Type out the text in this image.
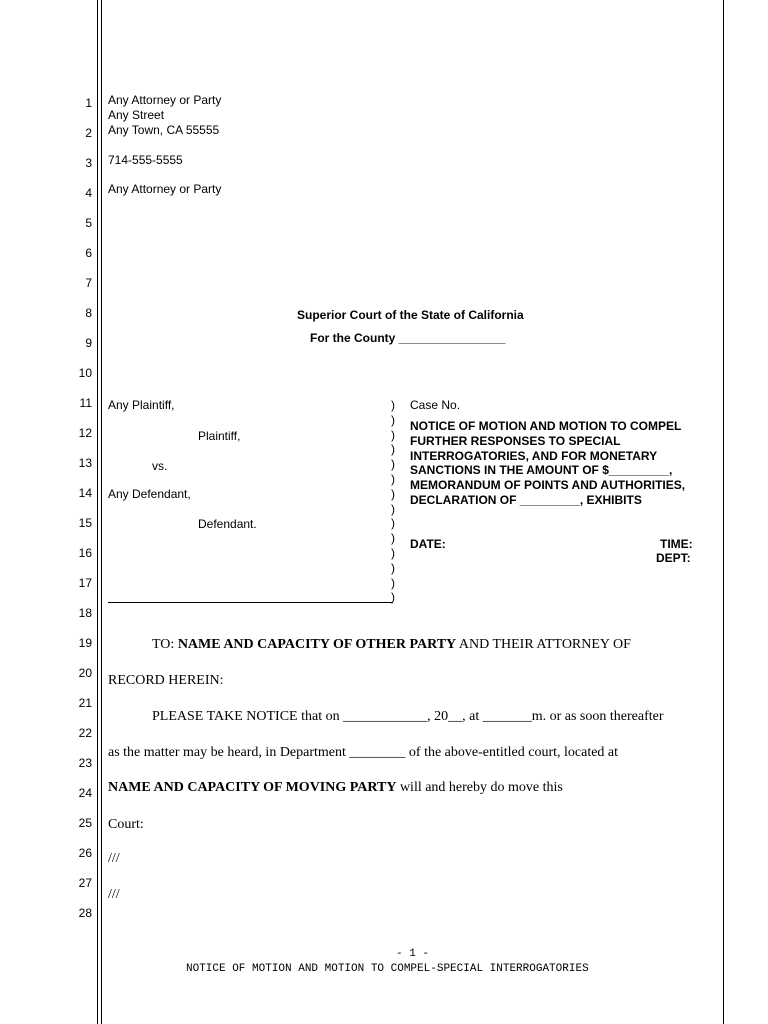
1
2
3
4
5
6
7
8
9
10
11
12
13
14
15
16
17
18
19
20
21
22
23
24
25
26
27
28
Any Attorney or Party
Any Street
Any Town, CA 55555
714-555-5555
Any Attorney or Party
Superior Court of the State of California
For the County ________________
Any Plaintiff,
Plaintiff,
vs.
Any Defendant,
Defendant.
)
)
)
)
)
)
)
)
)
)
)
)
)
)
Case No.
NOTICE OF MOTION AND MOTION TO COMPEL FURTHER RESPONSES TO SPECIAL INTERROGATORIES, AND FOR MONETARY SANCTIONS IN THE AMOUNT OF $_________, MEMORANDUM OF POINTS AND AUTHORITIES, DECLARATION OF _________, EXHIBITS
DATE:	TIME:
DEPT:
TO: NAME AND CAPACITY OF OTHER PARTY AND THEIR ATTORNEY OF
RECORD HEREIN:
PLEASE TAKE NOTICE that on ____________, 20__, at _______m. or as soon thereafter
as the matter may be heard, in Department ________ of the above-entitled court, located at
NAME AND CAPACITY OF MOVING PARTY will and hereby do move this
Court:
///
///
- 1 -
NOTICE OF MOTION AND MOTION TO COMPEL-SPECIAL INTERROGATORIES
